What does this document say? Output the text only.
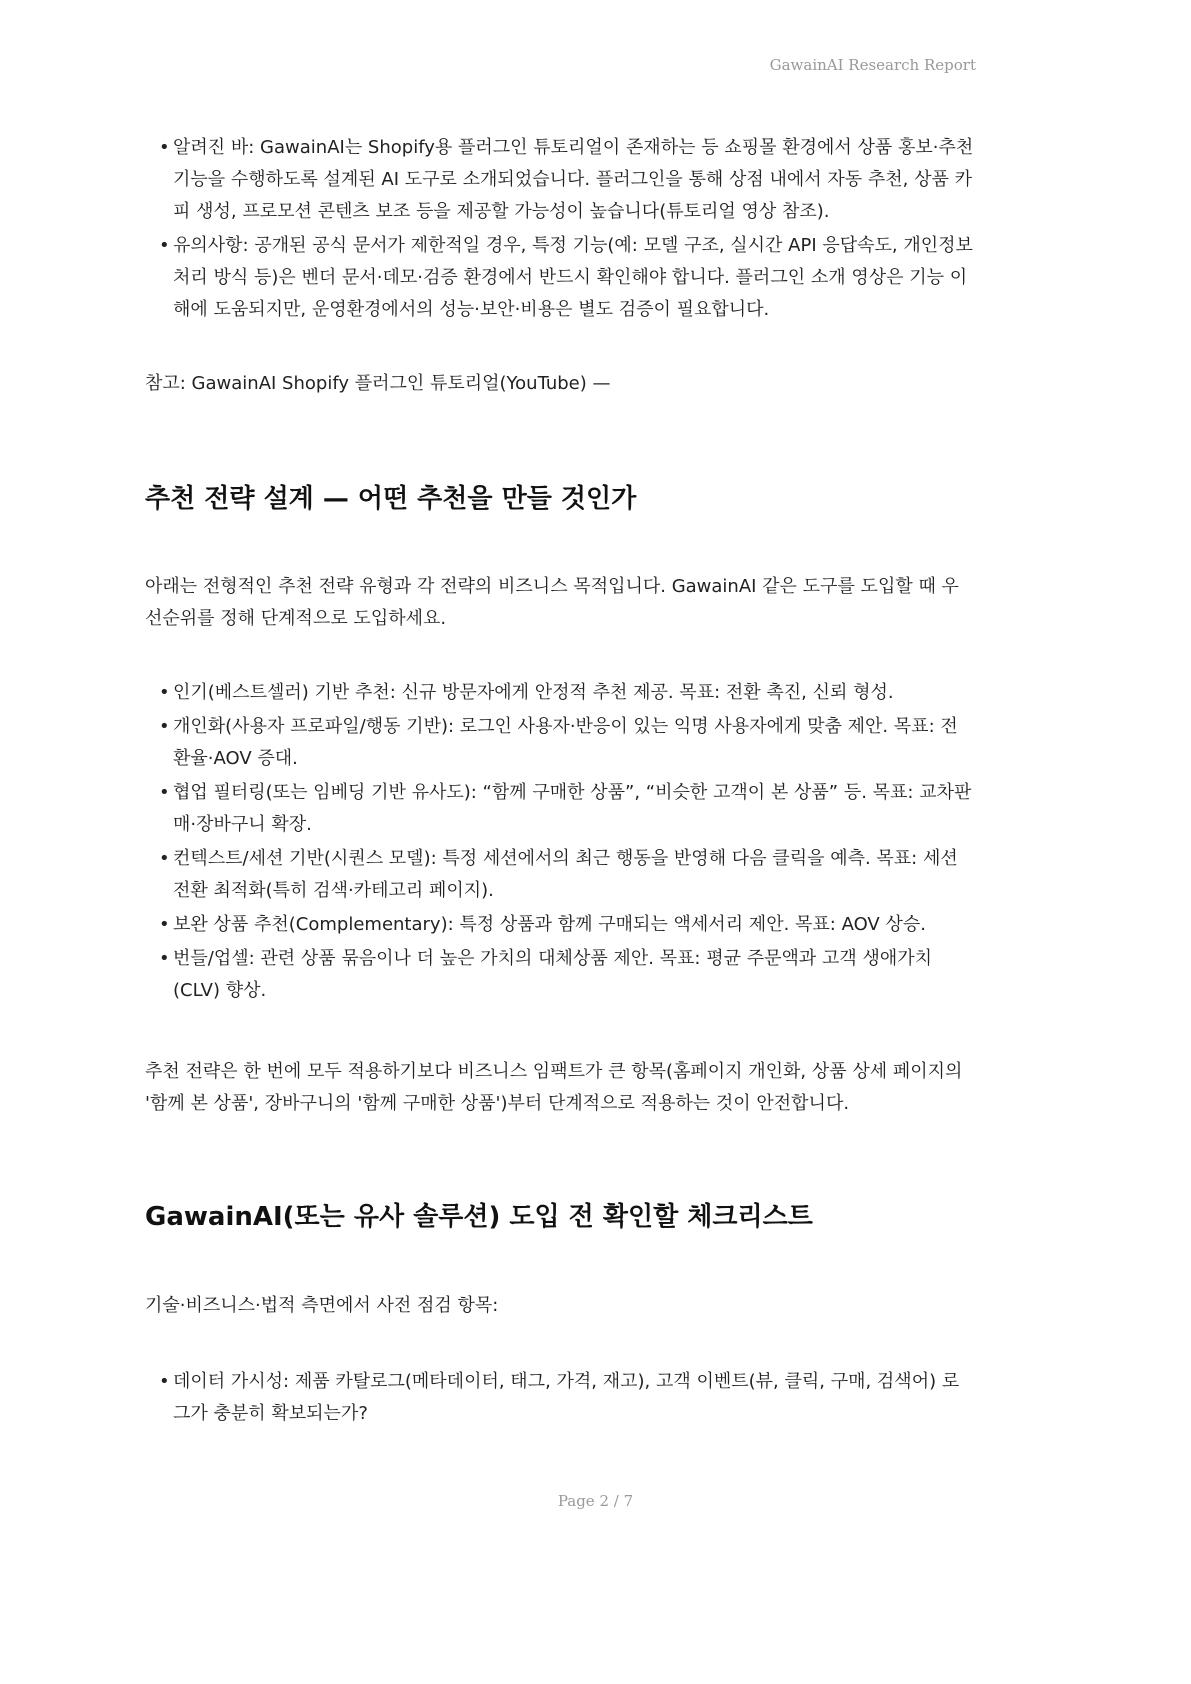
GawainAI Research Report
• 알려진 바: GawainAI는 Shopify용 플러그인 튜토리얼이 존재하는 등 쇼핑몰 환경에서 상품 홍보·추천 기능을 수행하도록 설계된 AI 도구로 소개되었습니다. 플러그인을 통해 상점 내에서 자동 추천, 상품 카피 생성, 프로모션 콘텐츠 보조 등을 제공할 가능성이 높습니다(튜토리얼 영상 참조).
• 유의사항: 공개된 공식 문서가 제한적일 경우, 특정 기능(예: 모델 구조, 실시간 API 응답속도, 개인정보 처리 방식 등)은 벤더 문서·데모·검증 환경에서 반드시 확인해야 합니다. 플러그인 소개 영상은 기능 이해에 도움되지만, 운영환경에서의 성능·보안·비용은 별도 검증이 필요합니다.

참고: GawainAI Shopify 플러그인 튜토리얼(YouTube) —

추천 전략 설계 — 어떤 추천을 만들 것인가

아래는 전형적인 추천 전략 유형과 각 전략의 비즈니스 목적입니다. GawainAI 같은 도구를 도입할 때 우선순위를 정해 단계적으로 도입하세요.

• 인기(베스트셀러) 기반 추천: 신규 방문자에게 안정적 추천 제공. 목표: 전환 촉진, 신뢰 형성.
• 개인화(사용자 프로파일/행동 기반): 로그인 사용자·반응이 있는 익명 사용자에게 맞춤 제안. 목표: 전환율·AOV 증대.
• 협업 필터링(또는 임베딩 기반 유사도): “함께 구매한 상품”, “비슷한 고객이 본 상품” 등. 목표: 교차판매·장바구니 확장.
• 컨텍스트/세션 기반(시퀀스 모델): 특정 세션에서의 최근 행동을 반영해 다음 클릭을 예측. 목표: 세션 전환 최적화(특히 검색·카테고리 페이지).
• 보완 상품 추천(Complementary): 특정 상품과 함께 구매되는 액세서리 제안. 목표: AOV 상승.
• 번들/업셀: 관련 상품 묶음이나 더 높은 가치의 대체상품 제안. 목표: 평균 주문액과 고객 생애가치(CLV) 향상.

추천 전략은 한 번에 모두 적용하기보다 비즈니스 임팩트가 큰 항목(홈페이지 개인화, 상품 상세 페이지의 '함께 본 상품', 장바구니의 '함께 구매한 상품')부터 단계적으로 적용하는 것이 안전합니다.

GawainAI(또는 유사 솔루션) 도입 전 확인할 체크리스트

기술·비즈니스·법적 측면에서 사전 점검 항목:

• 데이터 가시성: 제품 카탈로그(메타데이터, 태그, 가격, 재고), 고객 이벤트(뷰, 클릭, 구매, 검색어) 로그가 충분히 확보되는가?
Page 2 / 7
